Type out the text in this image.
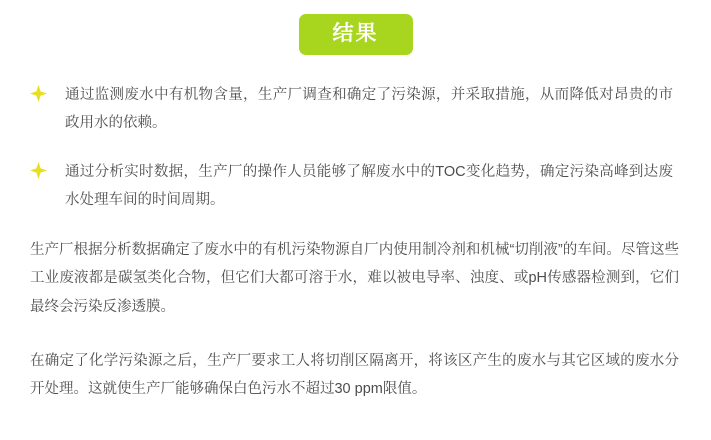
结果
通过监测废水中有机物含量，生产厂调查和确定了污染源，并采取措施，从而降低对昂贵的市政用水的依赖。
通过分析实时数据，生产厂的操作人员能够了解废水中的TOC变化趋势，确定污染高峰到达废水处理车间的时间周期。

生产厂根据分析数据确定了废水中的有机污染物源自厂内使用制冷剂和机械“切削液”的车间。尽管这些工业废液都是碳氢类化合物，但它们大都可溶于水，难以被电导率、浊度、或pH传感器检测到，它们最终会污染反渗透膜。

在确定了化学污染源之后，生产厂要求工人将切削区隔离开，将该区产生的废水与其它区域的废水分开处理。这就使生产厂能够确保白色污水不超过30 ppm限值。
